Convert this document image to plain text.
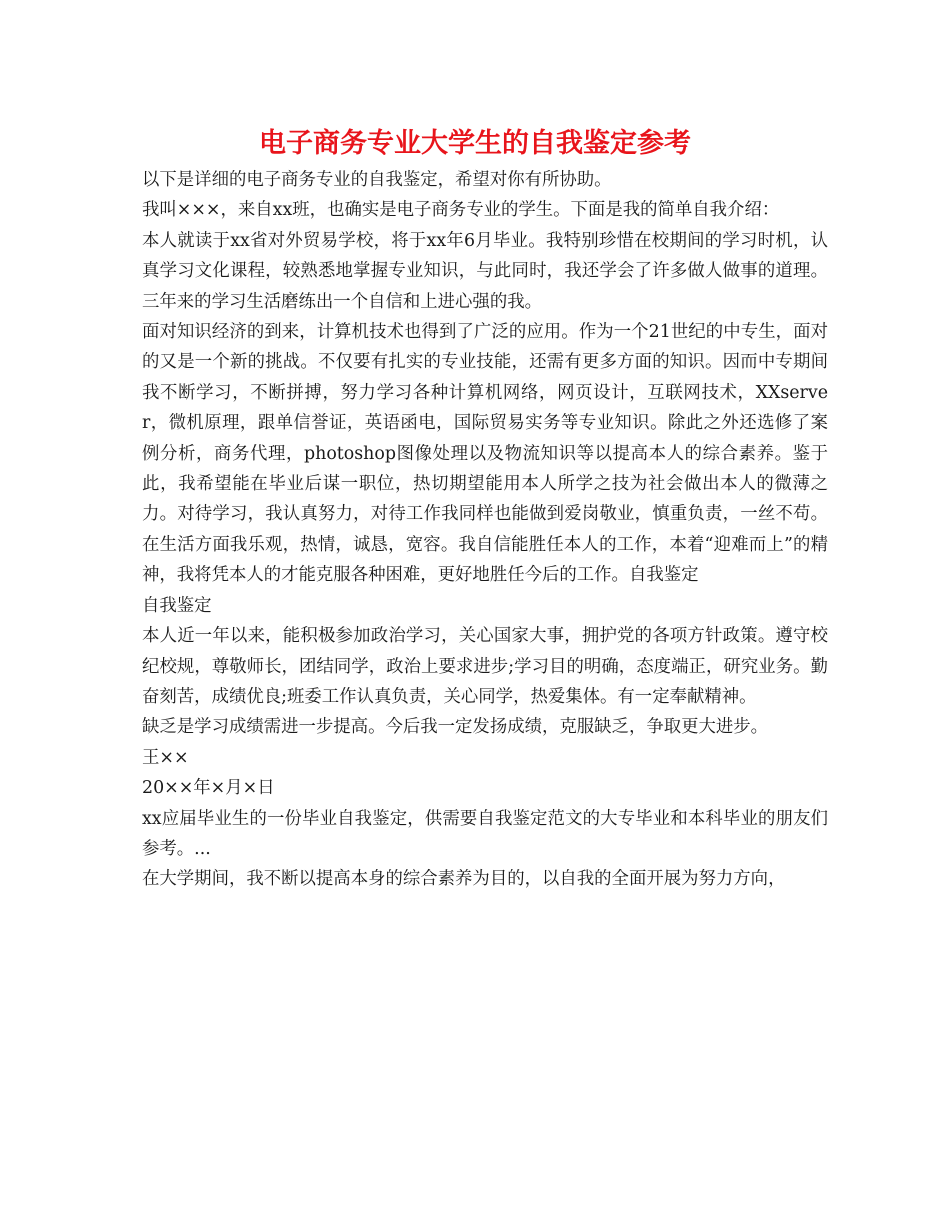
电子商务专业大学生的自我鉴定参考

以下是详细的电子商务专业的自我鉴定，希望对你有所协助。

我叫×××，来自xx班，也确实是电子商务专业的学生。下面是我的简单自我介绍：

本人就读于xx省对外贸易学校，将于xx年6月毕业。我特别珍惜在校期间的学习时机，认真学习文化课程，较熟悉地掌握专业知识，与此同时，我还学会了许多做人做事的道理。三年来的学习生活磨练出一个自信和上进心强的我。

面对知识经济的到来，计算机技术也得到了广泛的应用。作为一个21世纪的中专生，面对的又是一个新的挑战。不仅要有扎实的专业技能，还需有更多方面的知识。因而中专期间我不断学习，不断拼搏，努力学习各种计算机网络，网页设计，互联网技术，XXserver，微机原理，跟单信誉证，英语函电，国际贸易实务等专业知识。除此之外还选修了案例分析，商务代理，photoshop图像处理以及物流知识等以提高本人的综合素养。鉴于此，我希望能在毕业后谋一职位，热切期望能用本人所学之技为社会做出本人的微薄之力。对待学习，我认真努力，对待工作我同样也能做到爱岗敬业，慎重负责，一丝不苟。在生活方面我乐观，热情，诚恳，宽容。我自信能胜任本人的工作，本着“迎难而上”的精神，我将凭本人的才能克服各种困难，更好地胜任今后的工作。自我鉴定

自我鉴定

本人近一年以来，能积极参加政治学习，关心国家大事，拥护党的各项方针政策。遵守校纪校规，尊敬师长，团结同学，政治上要求进步;学习目的明确，态度端正，研究业务。勤奋刻苦，成绩优良;班委工作认真负责，关心同学，热爱集体。有一定奉献精神。

缺乏是学习成绩需进一步提高。今后我一定发扬成绩，克服缺乏，争取更大进步。

王××

20××年×月×日

xx应届毕业生的一份毕业自我鉴定，供需要自我鉴定范文的大专毕业和本科毕业的朋友们参考。...

在大学期间，我不断以提高本身的综合素养为目的，以自我的全面开展为努力方向，
